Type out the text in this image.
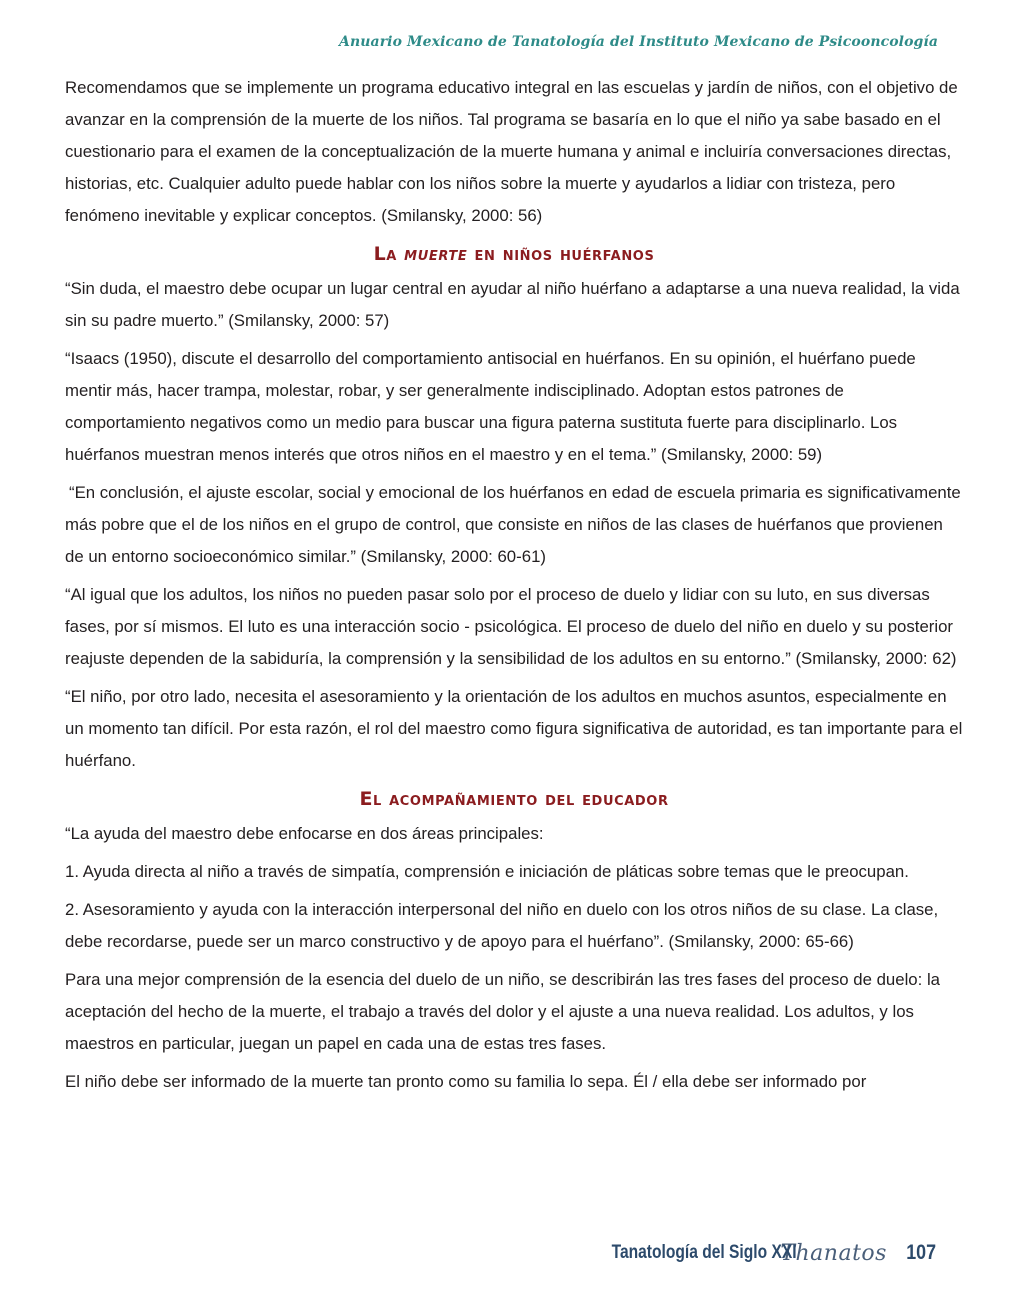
Anuario Mexicano de Tanatología del Instituto Mexicano de Psicooncología

Recomendamos que se implemente un programa educativo integral en las escuelas y jardín de niños, con el objetivo de avanzar en la comprensión de la muerte de los niños. Tal programa se basaría en lo que el niño ya sabe basado en el cuestionario para el examen de la conceptualización de la muerte humana y animal e incluiría conversaciones directas, historias, etc. Cualquier adulto puede hablar con los niños sobre la muerte y ayudarlos a lidiar con tristeza, pero fenómeno inevitable y explicar conceptos. (Smilansky, 2000: 56)

La muerte en niños huérfanos

“Sin duda, el maestro debe ocupar un lugar central en ayudar al niño huérfano a adaptarse a una nueva realidad, la vida sin su padre muerto.” (Smilansky, 2000: 57)

“Isaacs (1950), discute el desarrollo del comportamiento antisocial en huérfanos. En su opinión, el huérfano puede mentir más, hacer trampa, molestar, robar, y ser generalmente indisciplinado. Adoptan estos patrones de comportamiento negativos como un medio para buscar una figura paterna sustituta fuerte para disciplinarlo. Los huérfanos muestran menos interés que otros niños en el maestro y en el tema.” (Smilansky, 2000: 59)

“En conclusión, el ajuste escolar, social y emocional de los huérfanos en edad de escuela primaria es significativamente más pobre que el de los niños en el grupo de control, que consiste en niños de las clases de huérfanos que provienen de un entorno socioeconómico similar.” (Smilansky, 2000: 60-61)

“Al igual que los adultos, los niños no pueden pasar solo por el proceso de duelo y lidiar con su luto, en sus diversas fases, por sí mismos. El luto es una interacción socio - psicológica. El proceso de duelo del niño en duelo y su posterior reajuste dependen de la sabiduría, la comprensión y la sensibilidad de los adultos en su entorno.” (Smilansky, 2000: 62)

“El niño, por otro lado, necesita el asesoramiento y la orientación de los adultos en muchos asuntos, especialmente en un momento tan difícil. Por esta razón, el rol del maestro como figura significativa de autoridad, es tan importante para el huérfano.

El acompañamiento del educador

“La ayuda del maestro debe enfocarse en dos áreas principales:

1. Ayuda directa al niño a través de simpatía, comprensión e iniciación de pláticas sobre temas que le preocupan.
2. Asesoramiento y ayuda con la interacción interpersonal del niño en duelo con los otros niños de su clase. La clase, debe recordarse, puede ser un marco constructivo y de apoyo para el huérfano”. (Smilansky, 2000: 65-66)

Para una mejor comprensión de la esencia del duelo de un niño, se describirán las tres fases del proceso de duelo: la aceptación del hecho de la muerte, el trabajo a través del dolor y el ajuste a una nueva realidad. Los adultos, y los maestros en particular, juegan un papel en cada una de estas tres fases.

El niño debe ser informado de la muerte tan pronto como su familia lo sepa. Él / ella debe ser informado por

Tanatología del Siglo XXI
Thanatos 107
